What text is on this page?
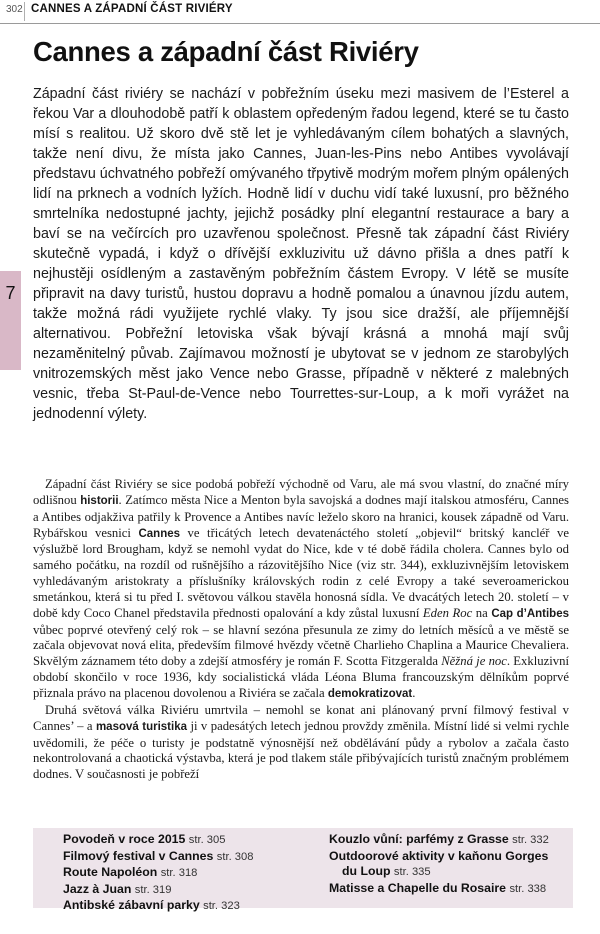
302 CANNES A ZÁPADNÍ ČÁST RIVIÉRY
7
Cannes a západní část Riviéry

Západní část riviéry se nachází v pobřežním úseku mezi masivem de l’Esterel a řekou Var a dlouhodobě patří k oblastem opředeným řadou legend, které se tu často mísí s realitou. Už skoro dvě stě let je vyhledávaným cílem bohatých a slavných, takže není divu, že místa jako Cannes, Juan-les-Pins nebo Antibes vyvolávají představu úchvatného pobřeží omývaného třpytivě modrým mořem plným opálených lidí na prknech a vodních lyžích. Hodně lidí v duchu vidí také luxusní, pro běžného smrtelníka nedostupné jachty, jejichž posádky plní elegantní restaurace a bary a baví se na večírcích pro uzavřenou společnost. Přesně tak západní část Riviéry skutečně vypadá, i když o dřívější exkluzivitu už dávno přišla a dnes patří k nejhustěji osídleným a zastavěným pobřežním částem Evropy. V létě se musíte připravit na davy turistů, hustou dopravu a hodně pomalou a únavnou jízdu autem, takže možná rádi využijete rychlé vlaky. Ty jsou sice dražší, ale příjemnější alternativou. Pobřežní letoviska však bývají krásná a mnohá mají svůj nezaměnitelný půvab. Zajímavou možností je ubytovat se v jednom ze starobylých vnitrozemských měst jako Vence nebo Grasse, případně v některé z malebných vesnic, třeba St-Paul-de-Vence nebo Tourrettes-sur-Loup, a k moři vyrážet na jednodenní výlety.

Západní část Riviéry se sice podobá pobřeží východně od Varu, ale má svou vlastní, do značné míry odlišnou historii. Zatímco města Nice a Menton byla savojská a dodnes mají italskou atmosféru, Cannes a Antibes odjakživa patřily k Provence a Antibes navíc leželo skoro na hranici, kousek západně od Varu. Rybářskou vesnici Cannes ve třicátých letech devatenáctého století „objevil“ britský kancléř ve výslužbě lord Brougham, když se nemohl vydat do Nice, kde v té době řádila cholera. Cannes bylo od samého počátku, na rozdíl od rušnějšího a rázovitějšího Nice (viz str. 344), exkluzivnějším letoviskem vyhledávaným aristokraty a příslušníky královských rodin z celé Evropy a také severoamerickou smetánkou, která si tu před I. světovou válkou stavěla honosná sídla. Ve dvacátých letech 20. století – v době kdy Coco Chanel představila přednosti opalování a kdy zůstal luxusní Eden Roc na Cap d’Antibes vůbec poprvé otevřený celý rok – se hlavní sezóna přesunula ze zimy do letních měsíců a ve městě se začala objevovat nová elita, především filmové hvězdy včetně Charlieho Chaplina a Maurice Chevaliera. Skvělým záznamem této doby a zdejší atmosféry je román F. Scotta Fitzgeralda Něžná je noc. Exkluzivní období skončilo v roce 1936, kdy socialistická vláda Léona Bluma francouzským dělníkům poprvé přiznala právo na placenou dovolenou a Riviéra se začala demokratizovat.

Druhá světová válka Riviéru umrtvila – nemohl se konat ani plánovaný první filmový festival v Cannes’ – a masová turistika ji v padesátých letech jednou provždy změnila. Místní lidé si velmi rychle uvědomili, že péče o turisty je podstatně výnosnější než obdělávání půdy a rybolov a začala často nekontrolovaná a chaotická výstavba, která je pod tlakem stále přibývajících turistů značným problémem dodnes. V současnosti je pobřeží

Povodeň v roce 2015 str. 305
Filmový festival v Cannes str. 308
Route Napoléon str. 318
Jazz à Juan str. 319
Antibské zábavní parky str. 323
Kouzlo vůní: parfémy z Grasse str. 332
Outdoorové aktivity v kaňonu Gorges
du Loup str. 335
Matisse a Chapelle du Rosaire str. 338
